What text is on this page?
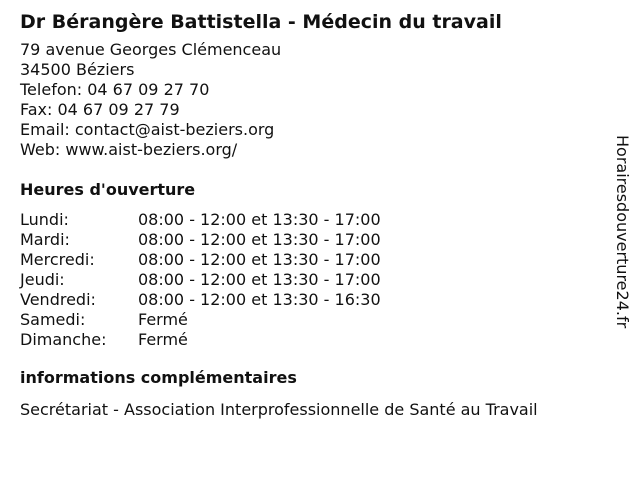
Dr Bérangère Battistella - Médecin du travail
79 avenue Georges Clémenceau
34500 Béziers
Telefon: 04 67 09 27 70
Fax: 04 67 09 27 79
Email: contact@aist-beziers.org
Web: www.aist-beziers.org/
Heures d'ouverture
Lundi:	08:00 - 12:00 et 13:30 - 17:00
Mardi:	08:00 - 12:00 et 13:30 - 17:00
Mercredi:	08:00 - 12:00 et 13:30 - 17:00
Jeudi:	08:00 - 12:00 et 13:30 - 17:00
Vendredi:	08:00 - 12:00 et 13:30 - 16:30
Samedi:	Fermé
Dimanche:	Fermé
informations complémentaires
Secrétariat - Association Interprofessionnelle de Santé au Travail
Horairesdouverture24.fr
